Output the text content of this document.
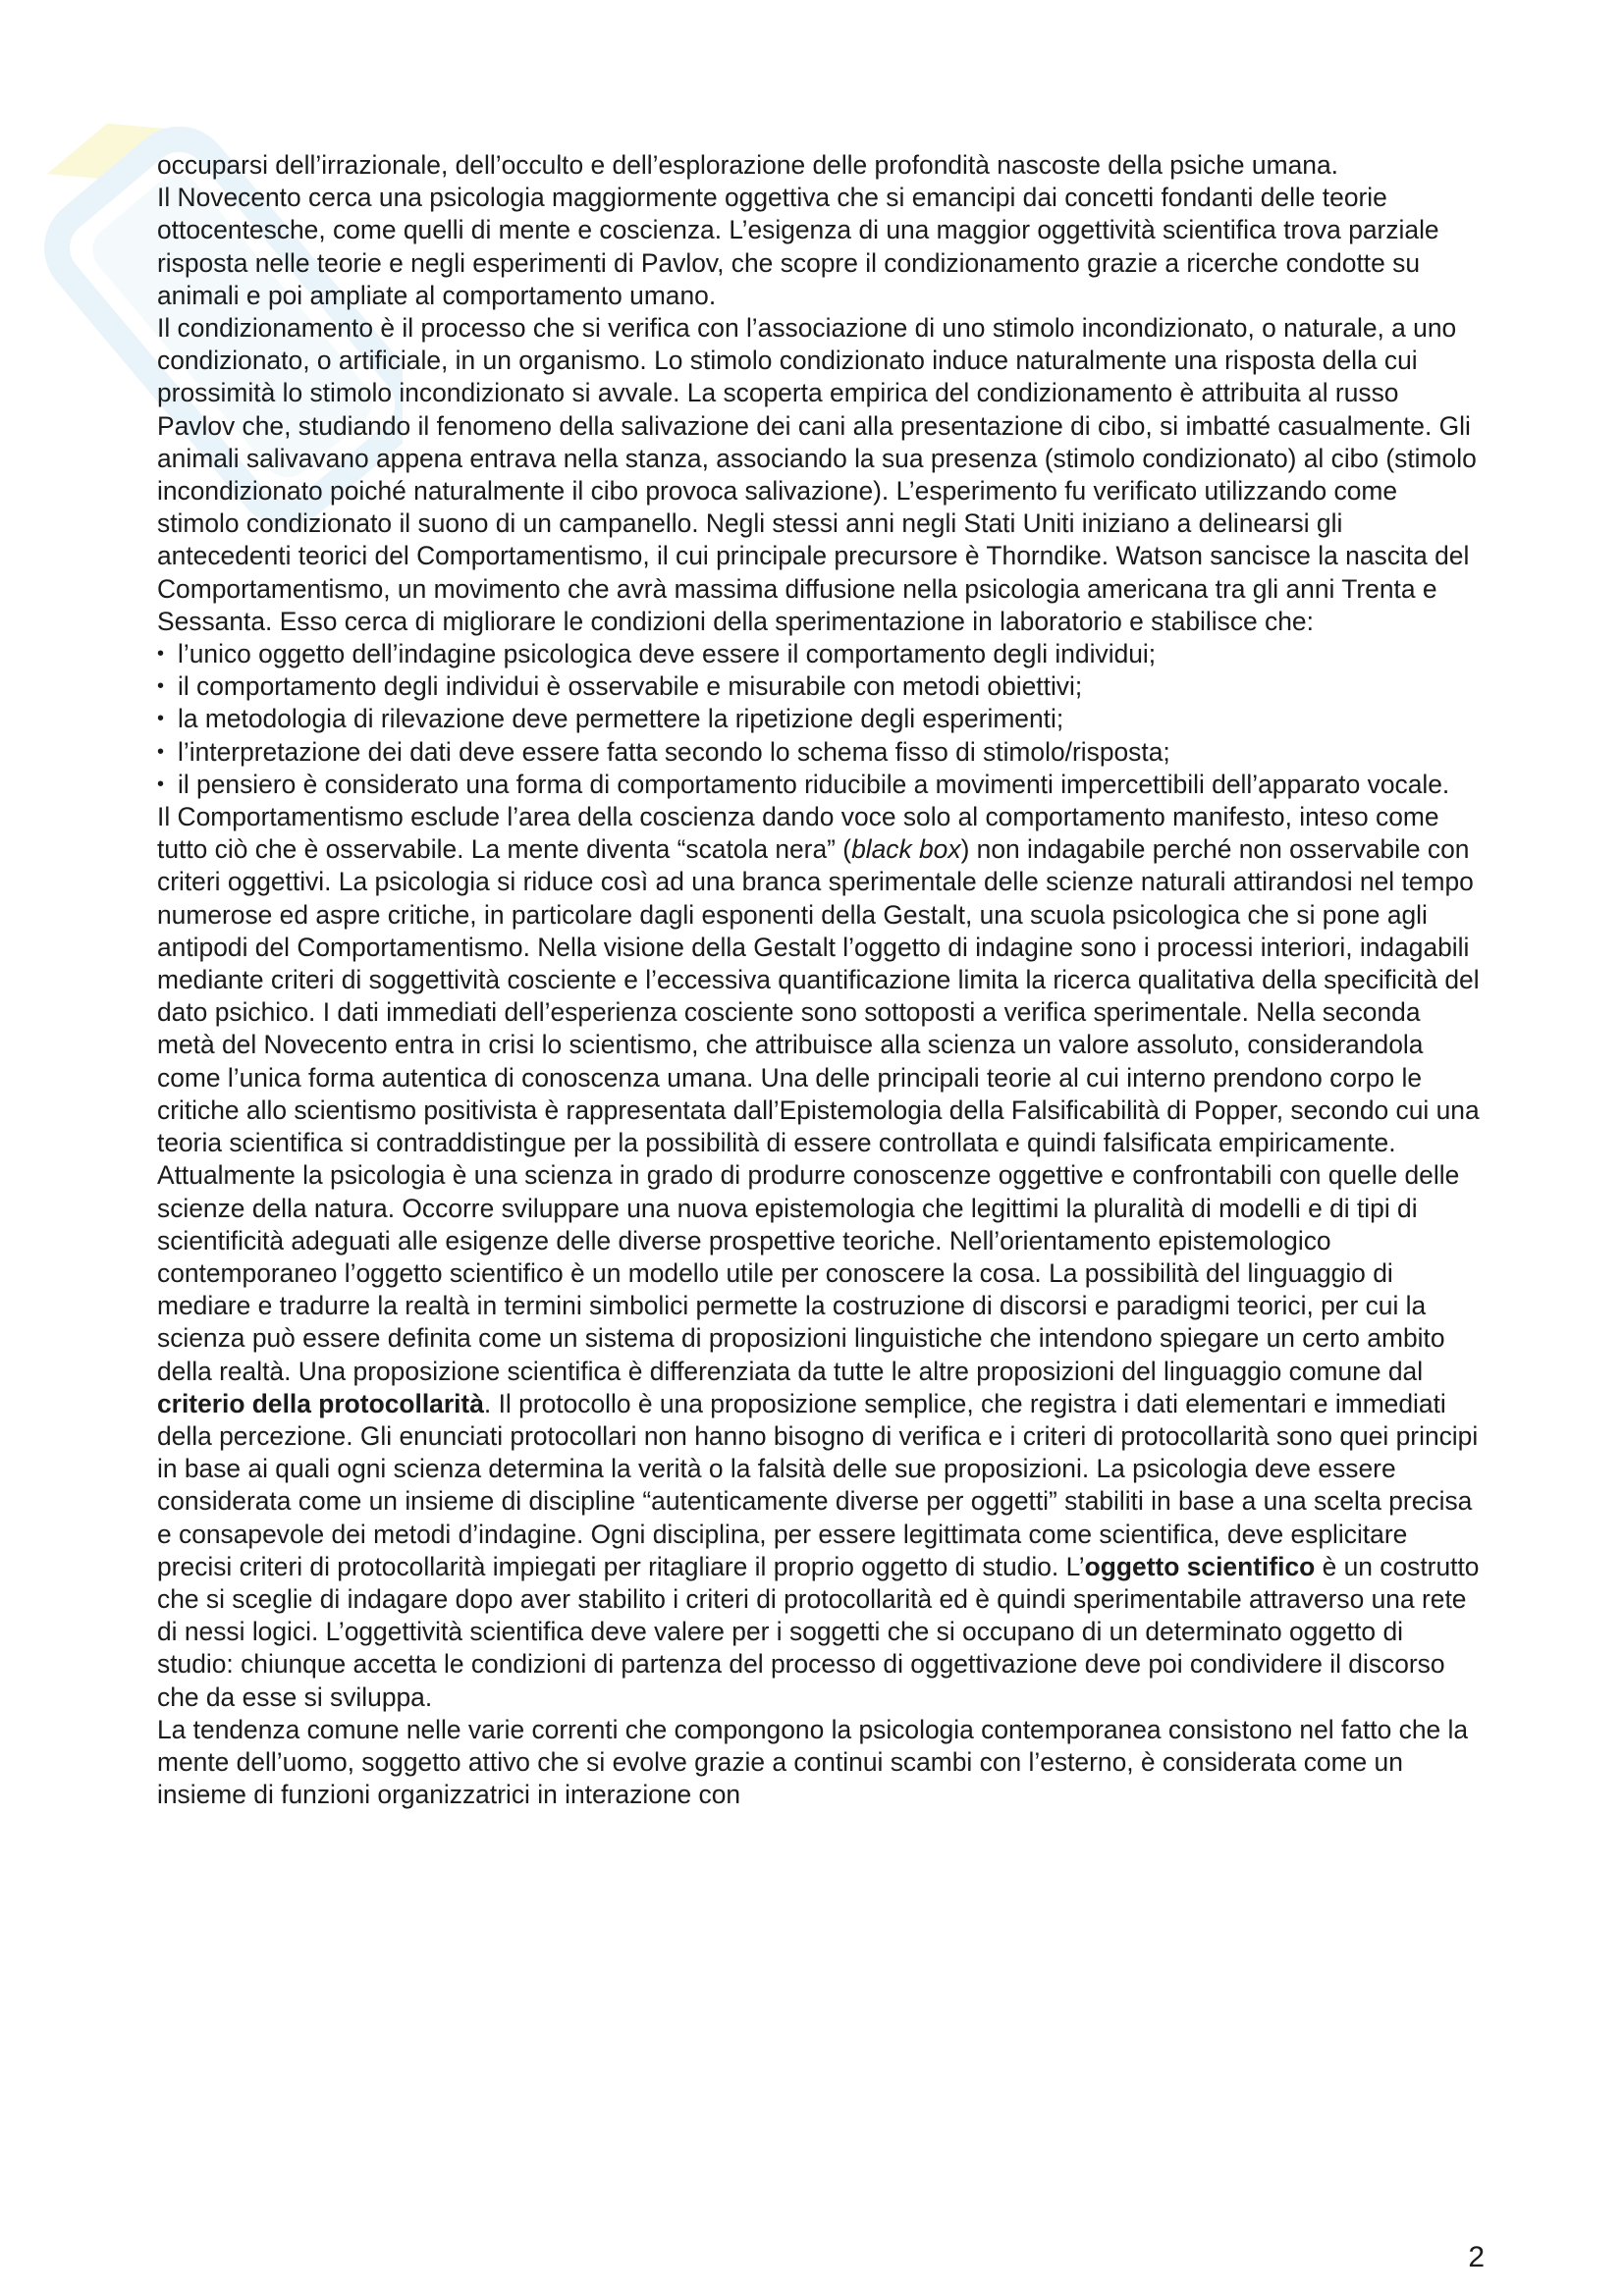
occuparsi dell’irrazionale, dell’occulto e dell’esplorazione delle profondità nascoste della psiche umana.

Il Novecento cerca una psicologia maggiormente oggettiva che si emancipi dai concetti fondanti delle teorie ottocentesche, come quelli di mente e coscienza. L’esigenza di una maggior oggettività scientifica trova parziale risposta nelle teorie e negli esperimenti di Pavlov, che scopre il condizionamento grazie a ricerche condotte su animali e poi ampliate al comportamento umano.

Il condizionamento è il processo che si verifica con l’associazione di uno stimolo incondizionato, o naturale, a uno condizionato, o artificiale, in un organismo. Lo stimolo condizionato induce naturalmente una risposta della cui prossimità lo stimolo incondizionato si avvale. La scoperta empirica del condizionamento è attribuita al russo Pavlov che, studiando il fenomeno della salivazione dei cani alla presentazione di cibo, si imbatté casualmente. Gli animali salivavano appena entrava nella stanza, associando la sua presenza (stimolo condizionato) al cibo (stimolo incondizionato poiché naturalmente il cibo provoca salivazione). L’esperimento fu verificato utilizzando come stimolo condizionato il suono di un campanello. Negli stessi anni negli Stati Uniti iniziano a delinearsi gli antecedenti teorici del Comportamentismo, il cui principale precursore è Thorndike. Watson sancisce la nascita del Comportamentismo, un movimento che avrà massima diffusione nella psicologia americana tra gli anni Trenta e Sessanta. Esso cerca di migliorare le condizioni della sperimentazione in laboratorio e stabilisce che:

• l’unico oggetto dell’indagine psicologica deve essere il comportamento degli individui;
• il comportamento degli individui è osservabile e misurabile con metodi obiettivi;
• la metodologia di rilevazione deve permettere la ripetizione degli esperimenti;
• l’interpretazione dei dati deve essere fatta secondo lo schema fisso di stimolo/risposta;
• il pensiero è considerato una forma di comportamento riducibile a movimenti impercettibili dell’apparato vocale.

Il Comportamentismo esclude l’area della coscienza dando voce solo al comportamento manifesto, inteso come tutto ciò che è osservabile. La mente diventa “scatola nera” (black box) non indagabile perché non osservabile con criteri oggettivi. La psicologia si riduce così ad una branca sperimentale delle scienze naturali attirandosi nel tempo numerose ed aspre critiche, in particolare dagli esponenti della Gestalt, una scuola psicologica che si pone agli antipodi del Comportamentismo. Nella visione della Gestalt l’oggetto di indagine sono i processi interiori, indagabili mediante criteri di soggettività cosciente e l’eccessiva quantificazione limita la ricerca qualitativa della specificità del dato psichico. I dati immediati dell’esperienza cosciente sono sottoposti a verifica sperimentale. Nella seconda metà del Novecento entra in crisi lo scientismo, che attribuisce alla scienza un valore assoluto, considerandola come l’unica forma autentica di conoscenza umana. Una delle principali teorie al cui interno prendono corpo le critiche allo scientismo positivista è rappresentata dall’Epistemologia della Falsificabilità di Popper, secondo cui una teoria scientifica si contraddistingue per la possibilità di essere controllata e quindi falsificata empiricamente.

Attualmente la psicologia è una scienza in grado di produrre conoscenze oggettive e confrontabili con quelle delle scienze della natura. Occorre sviluppare una nuova epistemologia che legittimi la pluralità di modelli e di tipi di scientificità adeguati alle esigenze delle diverse prospettive teoriche. Nell’orientamento epistemologico contemporaneo l’oggetto scientifico è un modello utile per conoscere la cosa. La possibilità del linguaggio di mediare e tradurre la realtà in termini simbolici permette la costruzione di discorsi e paradigmi teorici, per cui la scienza può essere definita come un sistema di proposizioni linguistiche che intendono spiegare un certo ambito della realtà. Una proposizione scientifica è differenziata da tutte le altre proposizioni del linguaggio comune dal criterio della protocollarità. Il protocollo è una proposizione semplice, che registra i dati elementari e immediati della percezione. Gli enunciati protocollari non hanno bisogno di verifica e i criteri di protocollarità sono quei principi in base ai quali ogni scienza determina la verità o la falsità delle sue proposizioni. La psicologia deve essere considerata come un insieme di discipline “autenticamente diverse per oggetti” stabiliti in base a una scelta precisa e consapevole dei metodi d’indagine. Ogni disciplina, per essere legittimata come scientifica, deve esplicitare precisi criteri di protocollarità impiegati per ritagliare il proprio oggetto di studio. L’oggetto scientifico è un costrutto che si sceglie di indagare dopo aver stabilito i criteri di protocollarità ed è quindi sperimentabile attraverso una rete di nessi logici. L’oggettività scientifica deve valere per i soggetti che si occupano di un determinato oggetto di studio: chiunque accetta le condizioni di partenza del processo di oggettivazione deve poi condividere il discorso che da esse si sviluppa.

La tendenza comune nelle varie correnti che compongono la psicologia contemporanea consistono nel fatto che la mente dell’uomo, soggetto attivo che si evolve grazie a continui scambi con l’esterno, è considerata come un insieme di funzioni organizzatrici in interazione con

2
